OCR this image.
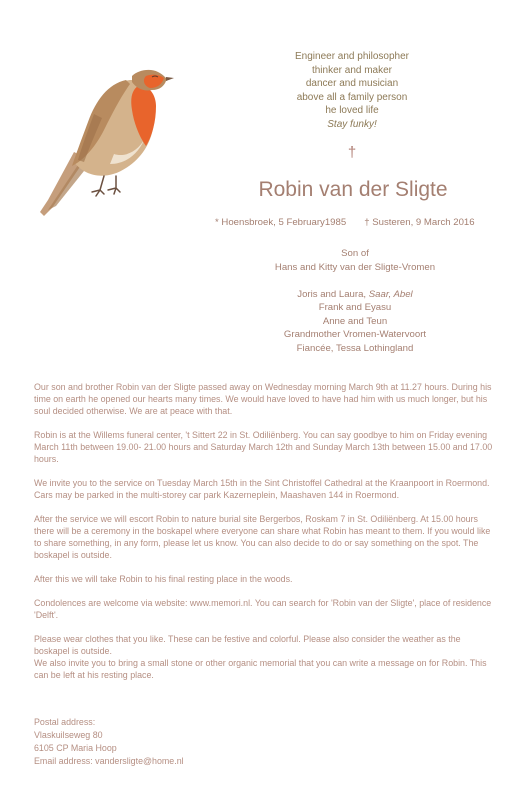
Engineer and philosopher
thinker and maker
dancer and musician
above all a family person
he loved life
Stay funky!
†
Robin van der Sligte
* Hoensbroek, 5 February1985 † Susteren, 9 March 2016
Son of
Hans and Kitty van der Sligte-Vromen
Joris and Laura, Saar, Abel
Frank and Eyasu
Anne and Teun
Grandmother Vromen-Watervoort
Fiancée, Tessa Lothingland

Our son and brother Robin van der Sligte passed away on Wednesday morning March 9th at 11.27 hours. During his time on earth he opened our hearts many times. We would have loved to have had him with us much longer, but his soul decided otherwise. We are at peace with that.

Robin is at the Willems funeral center, 't Sittert 22 in St. Odiliënberg. You can say goodbye to him on Friday evening March 11th between 19.00- 21.00 hours and Saturday March 12th and Sunday March 13th between 15.00 and 17.00 hours.

We invite you to the service on Tuesday March 15th in the Sint Christoffel Cathedral at the Kraanpoort in Roermond. Cars may be parked in the multi-storey car park Kazerneplein, Maashaven 144 in Roermond.

After the service we will escort Robin to nature burial site Bergerbos, Roskam 7 in St. Odiliënberg. At 15.00 hours there will be a ceremony in the boskapel where everyone can share what Robin has meant to them. If you would like to share something, in any form, please let us know. You can also decide to do or say something on the spot. The boskapel is outside.

After this we will take Robin to his final resting place in the woods.

Condolences are welcome via website: www.memori.nl. You can search for 'Robin van der Sligte', place of residence 'Delft'.

Please wear clothes that you like. These can be festive and colorful. Please also consider the weather as the boskapel is outside.
We also invite you to bring a small stone or other organic memorial that you can write a message on for Robin. This can be left at his resting place.
Postal address:
Vlaskuilseweg 80
6105 CP Maria Hoop
Email address: vandersligte@home.nl
